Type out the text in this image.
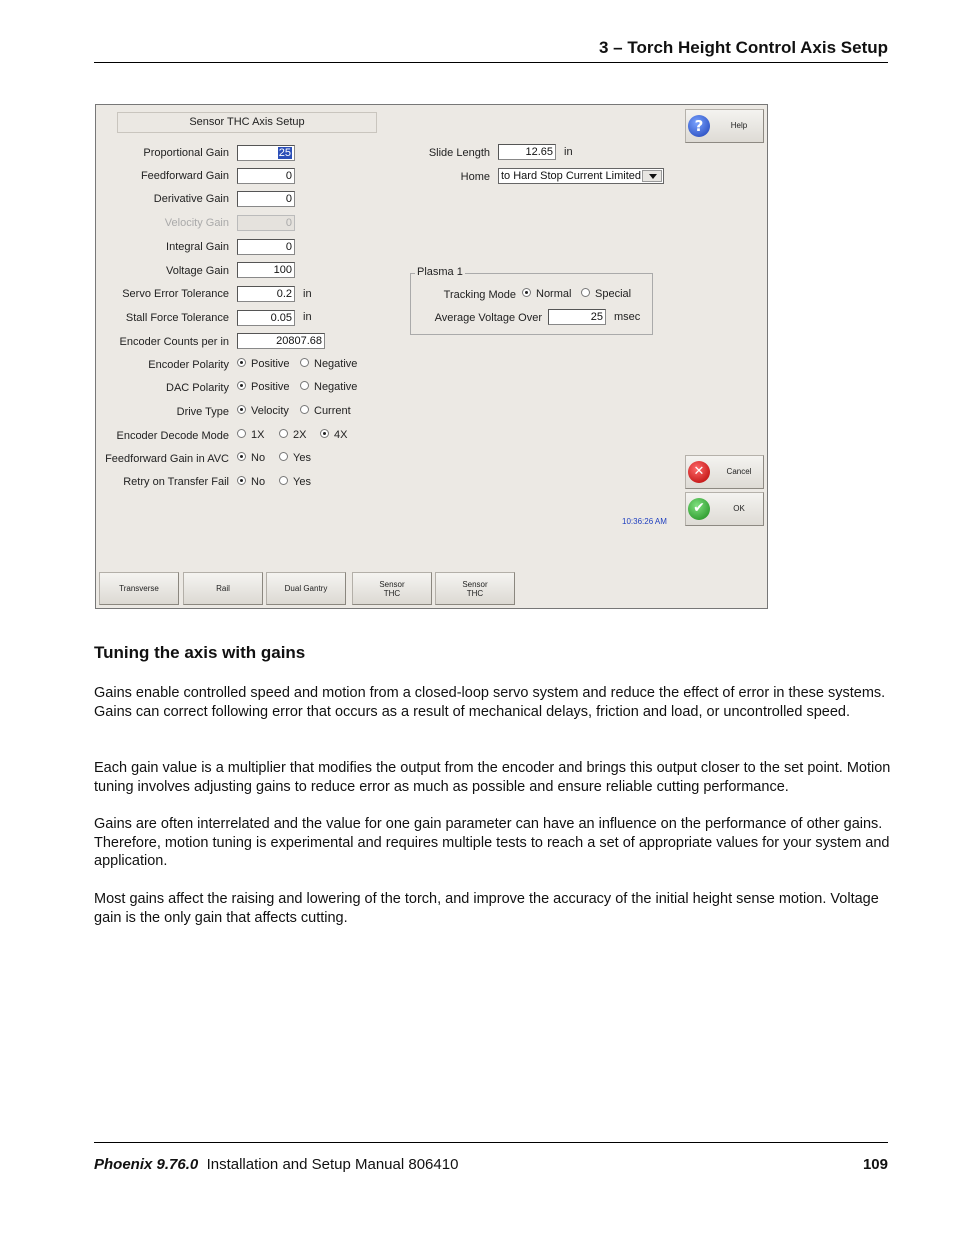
3 – Torch Height Control Axis Setup
Sensor THC Axis Setup
Proportional Gain	25
Feedforward Gain	0
Derivative Gain	0
Velocity Gain	0
Integral Gain	0
Voltage Gain	100
Servo Error Tolerance	0.2 in
Stall Force Tolerance	0.05 in
Encoder Counts per in	20807.68
Encoder Polarity	Positive	Negative
DAC Polarity	Positive	Negative
Drive Type	Velocity	Current
Encoder Decode Mode	1X	2X	4X
Feedforward Gain in AVC	No	Yes
Retry on Transfer Fail	No	Yes
Slide Length	12.65 in
Home to Hard Stop Current Limited
Plasma 1
Tracking Mode	Normal	Special
Average Voltage Over	25 msec
?
Help
✕
Cancel
✔
OK
10:36:26 AM
Transverse	Rail	Dual Gantry	Sensor
THC
Sensor
THC
Tuning the axis with gains

Gains enable controlled speed and motion from a closed-loop servo system and reduce the effect of error in these systems. Gains can correct following error that occurs as a result of mechanical delays, friction and load, or uncontrolled speed.

Each gain value is a multiplier that modifies the output from the encoder and brings this output closer to the set point. Motion tuning involves adjusting gains to reduce error as much as possible and ensure reliable cutting performance.

Gains are often interrelated and the value for one gain parameter can have an influence on the performance of other gains. Therefore, motion tuning is experimental and requires multiple tests to reach a set of appropriate values for your system and application.

Most gains affect the raising and lowering of the torch, and improve the accuracy of the initial height sense motion. Voltage gain is the only gain that affects cutting.

Phoenix 9.76.0 Installation and Setup Manual 806410	109
